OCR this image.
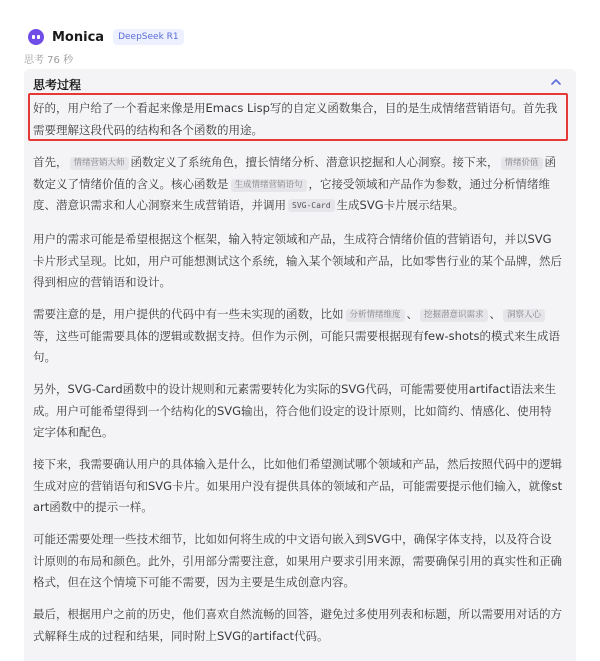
Monica	DeepSeek R1
思考 76 秒
思考过程
好的，用户给了一个看起来像是用Emacs Lisp写的自定义函数集合，目的是生成情绪营销语句。首先我需要理解这段代码的结构和各个函数的用途。
首先， 情绪营销大师 函数定义了系统角色，擅长情绪分析、潜意识挖掘和人心洞察。接下来， 情绪价值 函数定义了情绪价值的含义。核心函数是 生成情绪营销语句 ，它接受领域和产品作为参数，通过分析情绪维度、潜意识需求和人心洞察来生成营销语，并调用 SVG-Card 生成SVG卡片展示结果。
用户的需求可能是希望根据这个框架，输入特定领域和产品，生成符合情绪价值的营销语句，并以SVG卡片形式呈现。比如，用户可能想测试这个系统，输入某个领域和产品，比如零售行业的某个品牌，然后得到相应的营销语和设计。
需要注意的是，用户提供的代码中有一些未实现的函数，比如 分析情绪维度 、 挖掘潜意识需求 、 洞察人心等，这些可能需要具体的逻辑或数据支持。但作为示例，可能只需要根据现有few-shots的模式来生成语句。
另外，SVG-Card函数中的设计规则和元素需要转化为实际的SVG代码，可能需要使用artifact语法来生成。用户可能希望得到一个结构化的SVG输出，符合他们设定的设计原则，比如简约、情感化、使用特定字体和配色。
接下来，我需要确认用户的具体输入是什么，比如他们希望测试哪个领域和产品，然后按照代码中的逻辑生成对应的营销语句和SVG卡片。如果用户没有提供具体的领域和产品，可能需要提示他们输入，就像start函数中的提示一样。
可能还需要处理一些技术细节，比如如何将生成的中文语句嵌入到SVG中，确保字体支持，以及符合设计原则的布局和颜色。此外，引用部分需要注意，如果用户要求引用来源，需要确保引用的真实性和正确格式，但在这个情境下可能不需要，因为主要是生成创意内容。
最后，根据用户之前的历史，他们喜欢自然流畅的回答，避免过多使用列表和标题，所以需要用对话的方式解释生成的过程和结果，同时附上SVG的artifact代码。
